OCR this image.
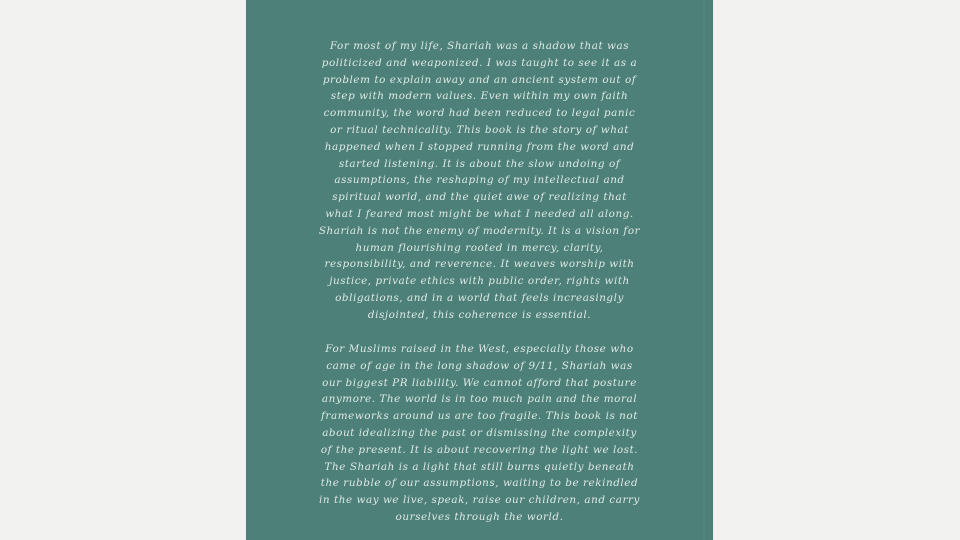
For most of my life, Shariah was a shadow that was
politicized and weaponized. I was taught to see it as a
problem to explain away and an ancient system out of
step with modern values. Even within my own faith
community, the word had been reduced to legal panic
or ritual technicality. This book is the story of what
happened when I stopped running from the word and
started listening. It is about the slow undoing of
assumptions, the reshaping of my intellectual and
spiritual world, and the quiet awe of realizing that
what I feared most might be what I needed all along.
Shariah is not the enemy of modernity. It is a vision for
human flourishing rooted in mercy, clarity,
responsibility, and reverence. It weaves worship with
justice, private ethics with public order, rights with
obligations, and in a world that feels increasingly
disjointed, this coherence is essential.
For Muslims raised in the West, especially those who
came of age in the long shadow of 9/11, Shariah was
our biggest PR liability. We cannot afford that posture
anymore. The world is in too much pain and the moral
frameworks around us are too fragile. This book is not
about idealizing the past or dismissing the complexity
of the present. It is about recovering the light we lost.
The Shariah is a light that still burns quietly beneath
the rubble of our assumptions, waiting to be rekindled
in the way we live, speak, raise our children, and carry
ourselves through the world.
